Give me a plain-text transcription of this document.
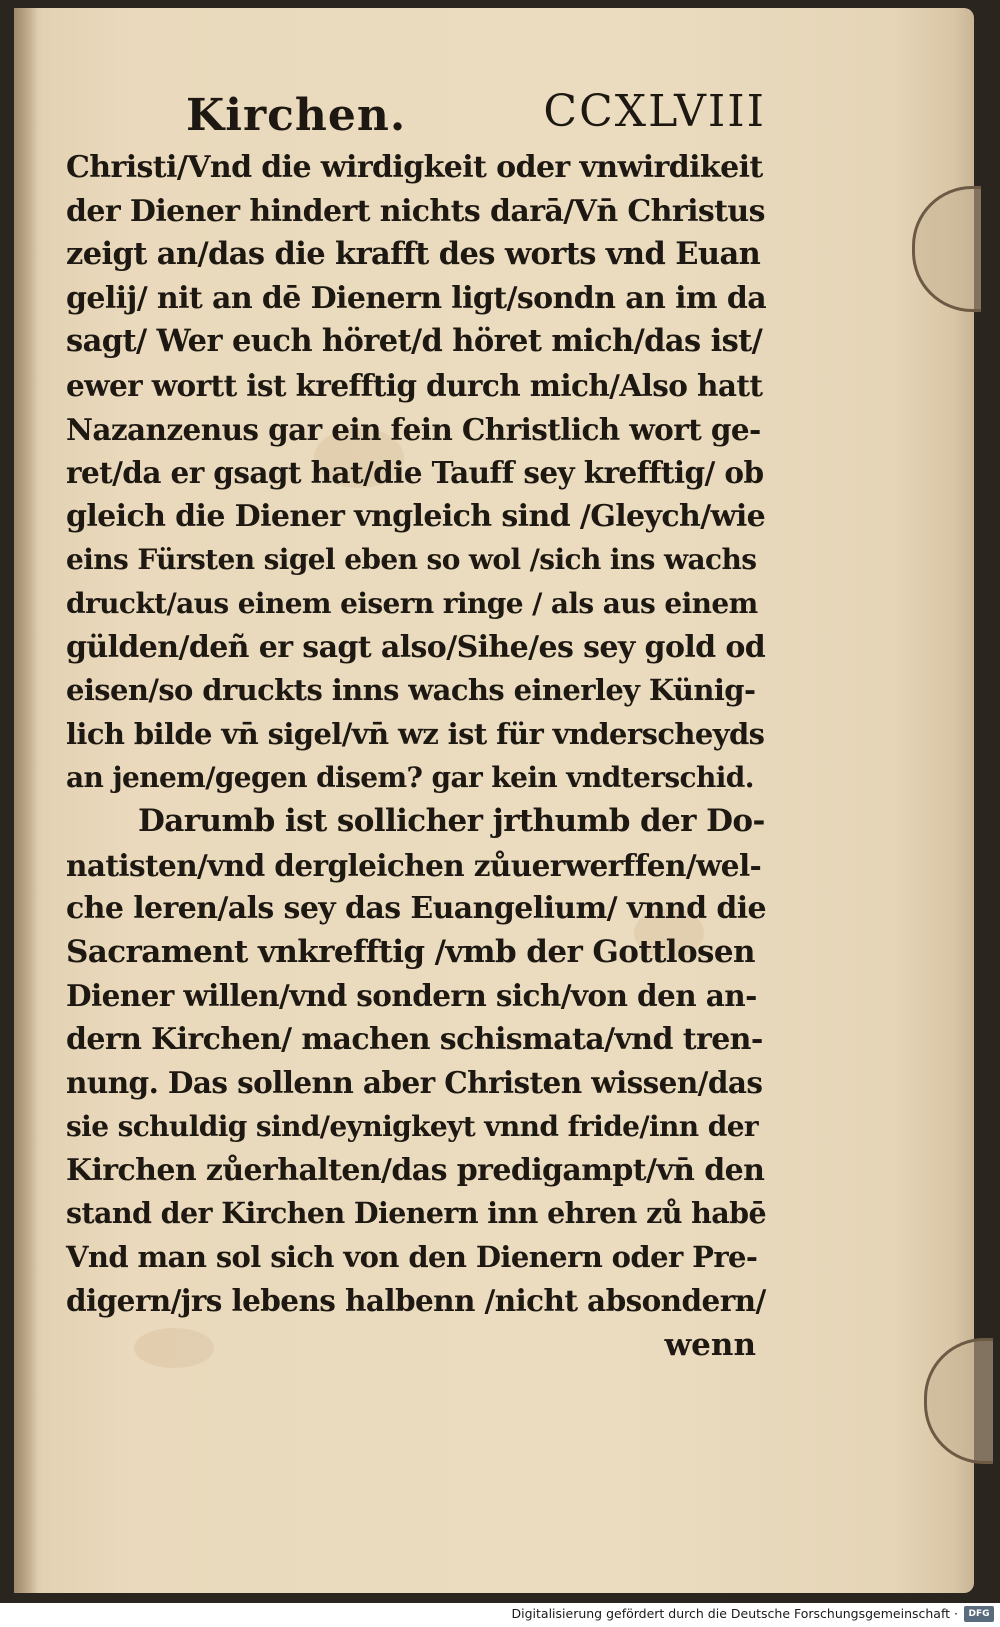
Kirchen.	CCXLVIII
Christi/Vnd die wirdigkeit oder vnwirdikeit
der Diener hindert nichts darā/Vn̄ Christus
zeigt an/das die krafft des worts vnd Euan
gelij/ nit an dē Dienern ligt/sondn an im da
sagt/ Wer euch höret/d höret mich/das ist/
ewer wortt ist krefftig durch mich/Also hatt
Nazanzenus gar ein fein Christlich wort ge-
ret/da er gsagt hat/die Tauff sey krefftig/ ob
gleich die Diener vngleich sind /Gleych/wie
eins Fürsten sigel eben so wol /sich ins wachs
druckt/aus einem eisern ringe / als aus einem
gülden/deñ er sagt also/Sihe/es sey gold od
eisen/so druckts inns wachs einerley Künig-
lich bilde vn̄ sigel/vn̄ wz ist für vnderscheyds
an jenem/gegen disem? gar kein vndterschid.
Darumb ist sollicher jrthumb der Do-
natisten/vnd dergleichen zůuerwerffen/wel-
che leren/als sey das Euangelium/ vnnd die
Sacrament vnkrefftig /vmb der Gottlosen
Diener willen/vnd sondern sich/von den an-
dern Kirchen/ machen schismata/vnd tren-
nung. Das sollenn aber Christen wissen/das
sie schuldig sind/eynigkeyt vnnd fride/inn der
Kirchen zůerhalten/das predigampt/vn̄ den
stand der Kirchen Dienern inn ehren zů habē
Vnd man sol sich von den Dienern oder Pre-
digern/jrs lebens halbenn /nicht absondern/
wenn
Digitalisierung gefördert durch die Deutsche Forschungsgemeinschaft ·	DFG
